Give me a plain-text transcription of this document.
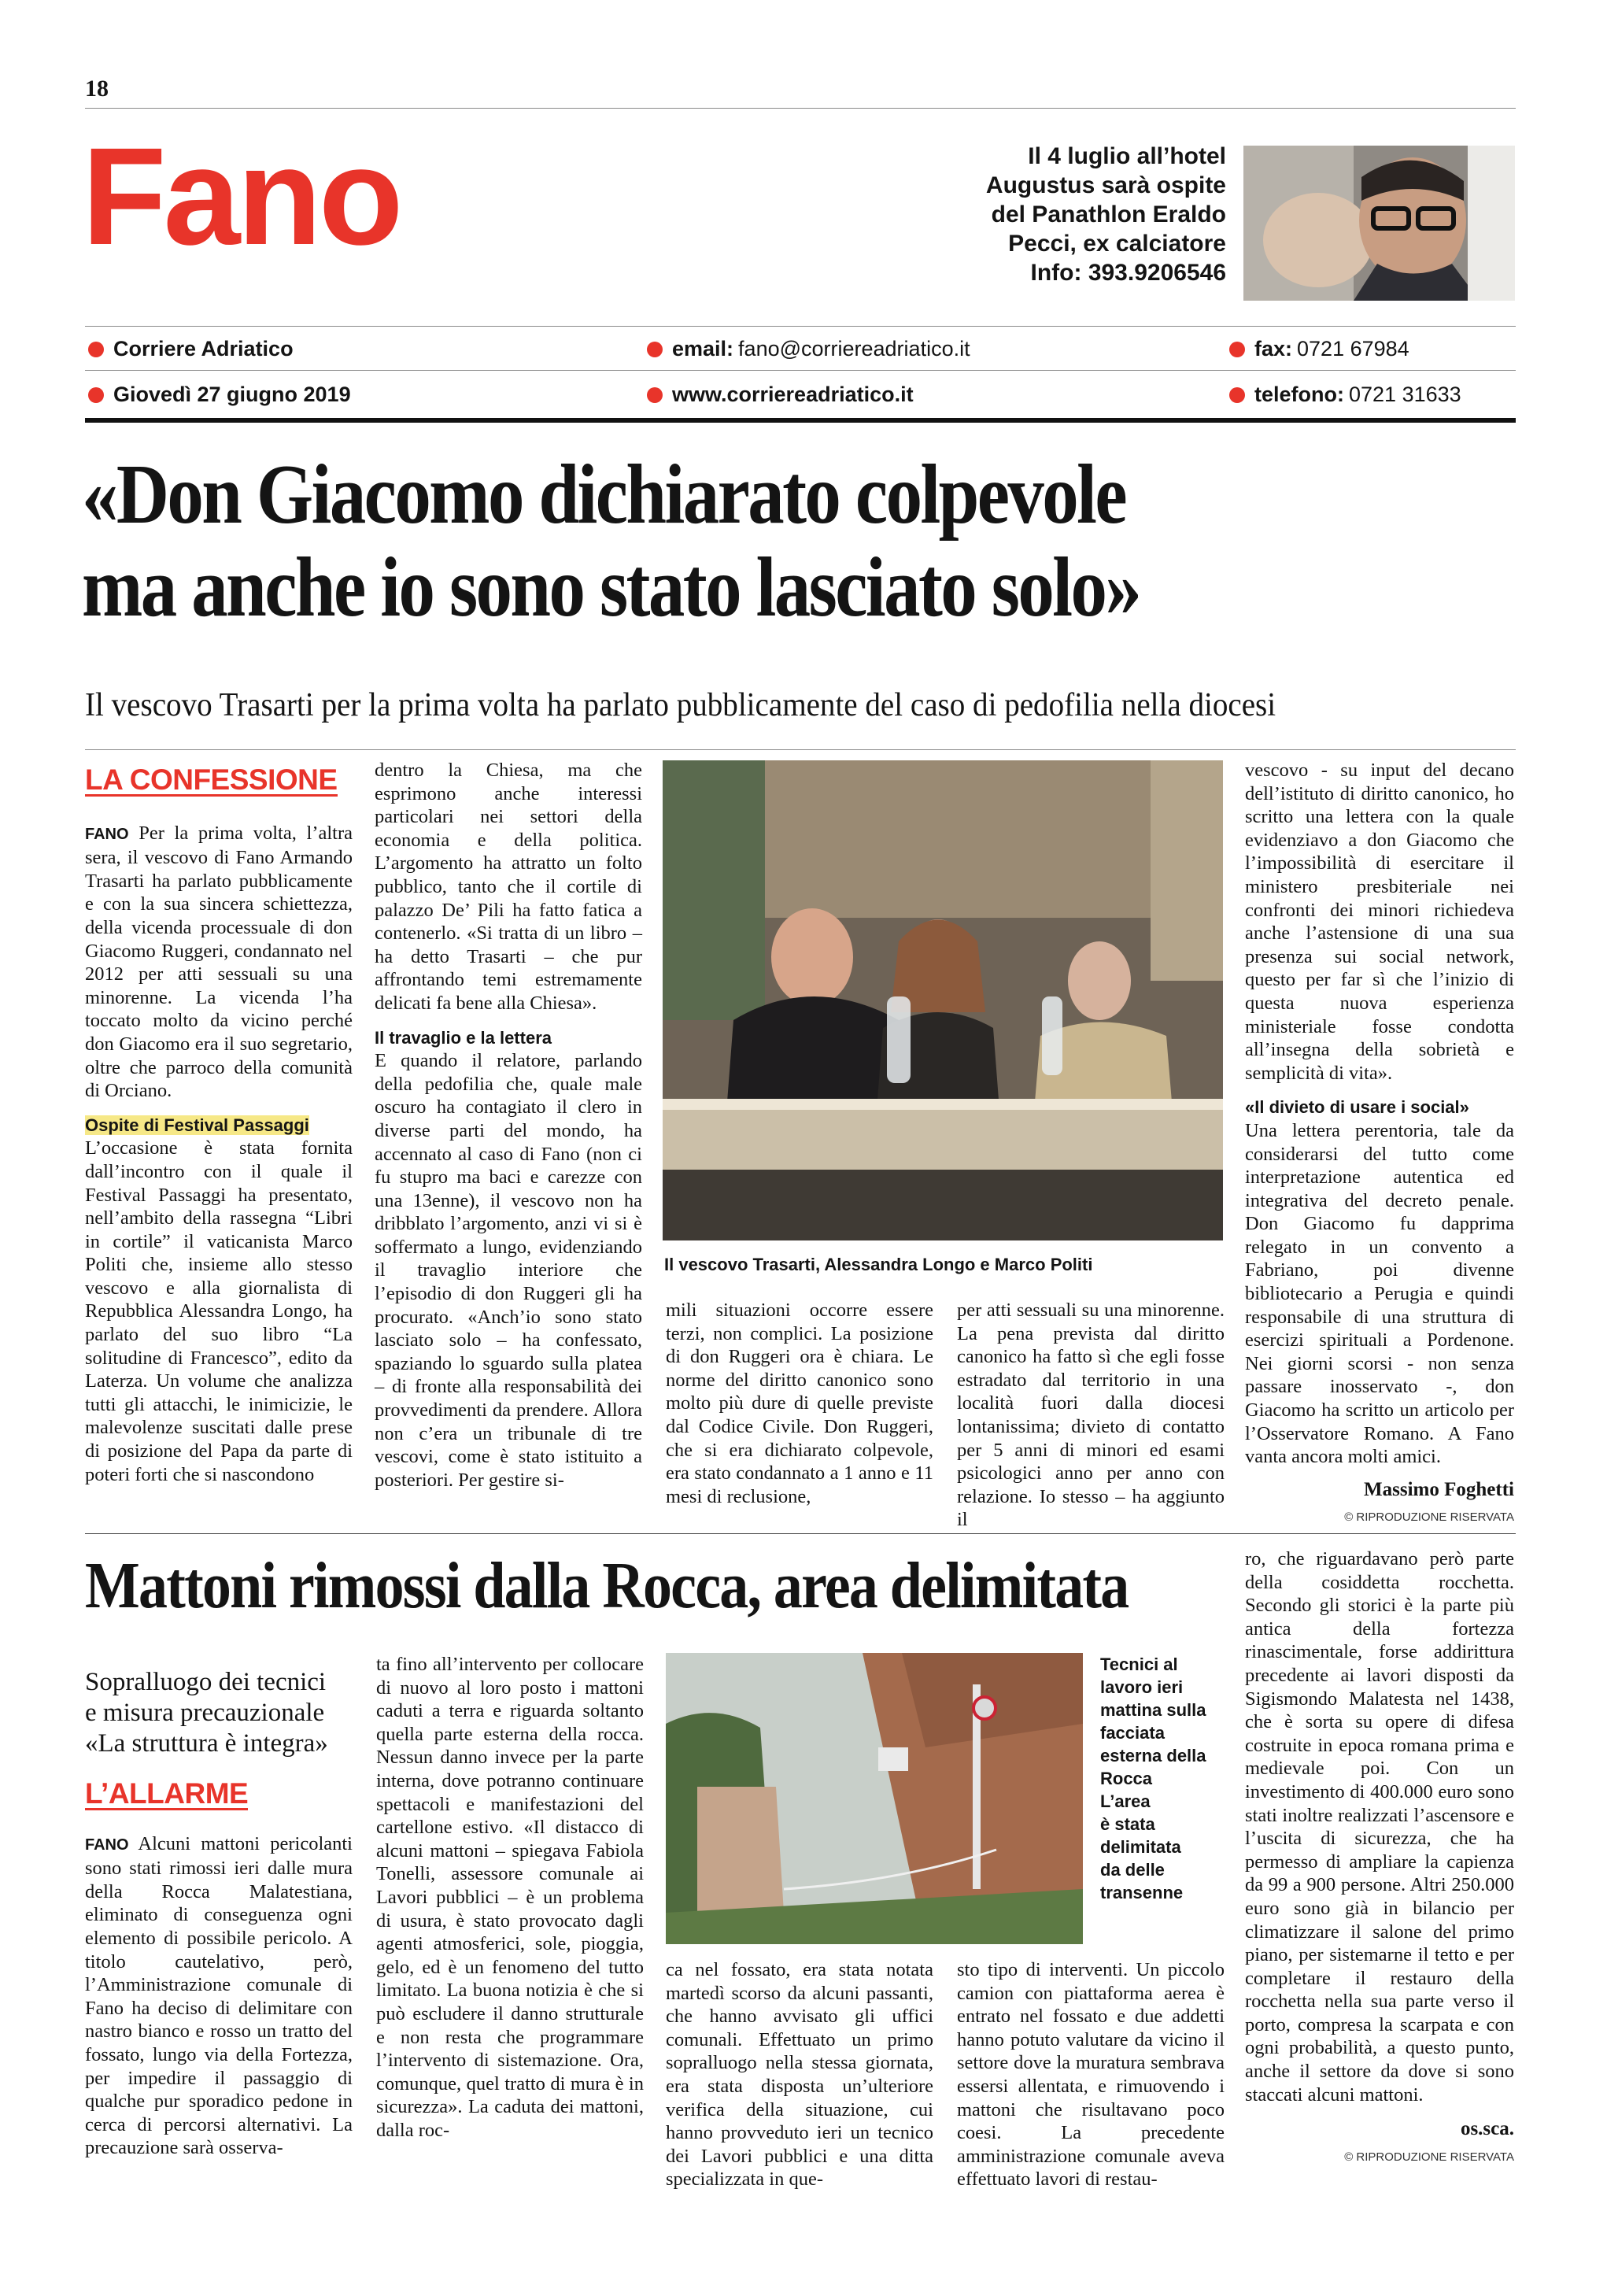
18
Fano	Il 4 luglio all’hotel
Augustus sarà ospite
del Panathlon Eraldo
Pecci, ex calciatore
Info: 393.9206546
Corriere Adriatico	email: fano@corriereadriatico.it	fax: 0721 67984
Giovedì 27 giugno 2019	www.corriereadriatico.it	telefono: 0721 31633
«Don Giacomo dichiarato colpevole
ma anche io sono stato lasciato solo»
Il vescovo Trasarti per la prima volta ha parlato pubblicamente del caso di pedofilia nella diocesi
LA CONFESSIONE

FANO Per la prima volta, l’altra sera, il vescovo di Fano Armando Trasarti ha parlato pubblicamente e con la sua sincera schiettezza, della vicenda processuale di don Giacomo Ruggeri, condannato nel 2012 per atti sessuali su una minorenne. La vicenda l’ha toccato molto da vicino perché don Giacomo era il suo segretario, oltre che parroco della comunità di Orciano.

Ospite di Festival Passaggi

L’occasione è stata fornita dall’incontro con il quale il Festival Passaggi ha presentato, nell’ambito della rassegna “Libri in cortile” il vaticanista Marco Politi che, insieme allo stesso vescovo e alla giornalista di Repubblica Alessandra Longo, ha parlato del suo libro “La solitudine di Francesco”, edito da Laterza. Un volume che analizza tutti gli attacchi, le inimicizie, le malevolenze suscitati dalle prese di posizione del Papa da parte di poteri forti che si nascondono

dentro la Chiesa, ma che esprimono anche interessi particolari nei settori della economia e della politica. L’argomento ha attratto un folto pubblico, tanto che il cortile di palazzo De’ Pili ha fatto fatica a contenerlo. «Si tratta di un libro – ha detto Trasarti – che pur affrontando temi estremamente delicati fa bene alla Chiesa».

Il travaglio e la lettera

E quando il relatore, parlando della pedofilia che, quale male oscuro ha contagiato il clero in diverse parti del mondo, ha accennato al caso di Fano (non ci fu stupro ma baci e carezze con una 13enne), il vescovo non ha dribblato l’argomento, anzi vi si è soffermato a lungo, evidenziando il travaglio interiore che l’episodio di don Ruggeri gli ha procurato. «Anch’io sono stato lasciato solo – ha confessato, spaziando lo sguardo sulla platea – di fronte alla responsabilità dei provvedimenti da prendere. Allora non c’era un tribunale di tre vescovi, come è stato istituito a posteriori. Per gestire si-

Il vescovo Trasarti, Alessandra Longo e Marco Politi

mili situazioni occorre essere terzi, non complici. La posizione di don Ruggeri ora è chiara. Le norme del diritto canonico sono molto più dure di quelle previste dal Codice Civile. Don Ruggeri, che si era dichiarato colpevole, era stato condannato a 1 anno e 11 mesi di reclusione,

per atti sessuali su una minorenne. La pena prevista dal diritto canonico ha fatto sì che egli fosse estradato dal territorio in una località fuori dalla diocesi lontanissima; divieto di contatto per 5 anni di minori ed esami psicologici anno per anno con relazione. Io stesso – ha aggiunto il

vescovo - su input del decano dell’istituto di diritto canonico, ho scritto una lettera con la quale evidenziavo a don Giacomo che l’impossibilità di esercitare il ministero presbiteriale nei confronti dei minori richiedeva anche l’astensione di una sua presenza sui social network, questo per far sì che l’inizio di questa nuova esperienza ministeriale fosse condotta all’insegna della sobrietà e semplicità di vita».

«Il divieto di usare i social»

Una lettera perentoria, tale da considerarsi del tutto come interpretazione autentica ed integrativa del decreto penale. Don Giacomo fu dapprima relegato in un convento a Fabriano, poi divenne bibliotecario a Perugia e quindi responsabile di una struttura di esercizi spirituali a Pordenone. Nei giorni scorsi - non senza passare inosservato -, don Giacomo ha scritto un articolo per l’Osservatore Romano. A Fano vanta ancora molti amici.

Massimo Foghetti
© RIPRODUZIONE RISERVATA
Mattoni rimossi dalla Rocca, area delimitata
Sopralluogo dei tecnici
e misura precauzionale
«La struttura è integra»
L’ALLARME

FANO Alcuni mattoni pericolanti sono stati rimossi ieri dalle mura della Rocca Malatestiana, eliminato di conseguenza ogni elemento di possibile pericolo. A titolo cautelativo, però, l’Amministrazione comunale di Fano ha deciso di delimitare con nastro bianco e rosso un tratto del fossato, lungo via della Fortezza, per impedire il passaggio di qualche pur sporadico pedone in cerca di percorsi alternativi. La precauzione sarà osserva-

ta fino all’intervento per collocare di nuovo al loro posto i mattoni caduti a terra e riguarda soltanto quella parte esterna della rocca. Nessun danno invece per la parte interna, dove potranno continuare spettacoli e manifestazioni del cartellone estivo. «Il distacco di alcuni mattoni – spiegava Fabiola Tonelli, assessore comunale ai Lavori pubblici – è un problema di usura, è stato provocato dagli agenti atmosferici, sole, pioggia, gelo, ed è un fenomeno del tutto limitato. La buona notizia è che si può escludere il danno strutturale e non resta che programmare l’intervento di sistemazione. Ora, comunque, quel tratto di mura è in sicurezza». La caduta dei mattoni, dalla roc-

Tecnici al
lavoro ieri
mattina sulla
facciata
esterna della
Rocca
L’area
è stata
delimitata
da delle
transenne

ca nel fossato, era stata notata martedì scorso da alcuni passanti, che hanno avvisato gli uffici comunali. Effettuato un primo sopralluogo nella stessa giornata, era stata disposta un’ulteriore verifica della situazione, cui hanno provveduto ieri un tecnico dei Lavori pubblici e una ditta specializzata in que-

sto tipo di interventi. Un piccolo camion con piattaforma aerea è entrato nel fossato e due addetti hanno potuto valutare da vicino il settore dove la muratura sembrava essersi allentata, e rimuovendo i mattoni che risultavano poco coesi. La precedente amministrazione comunale aveva effettuato lavori di restau-

ro, che riguardavano però parte della cosiddetta rocchetta. Secondo gli storici è la parte più antica della fortezza rinascimentale, forse addirittura precedente ai lavori disposti da Sigismondo Malatesta nel 1438, che è sorta su opere di difesa costruite in epoca romana prima e medievale poi. Con un investimento di 400.000 euro sono stati inoltre realizzati l’ascensore e l’uscita di sicurezza, che ha permesso di ampliare la capienza da 99 a 900 persone. Altri 250.000 euro sono già in bilancio per climatizzare il salone del primo piano, per sistemarne il tetto e per completare il restauro della rocchetta nella sua parte verso il porto, compresa la scarpata e con ogni probabilità, a questo punto, anche il settore da dove si sono staccati alcuni mattoni.

os.sca.
© RIPRODUZIONE RISERVATA
